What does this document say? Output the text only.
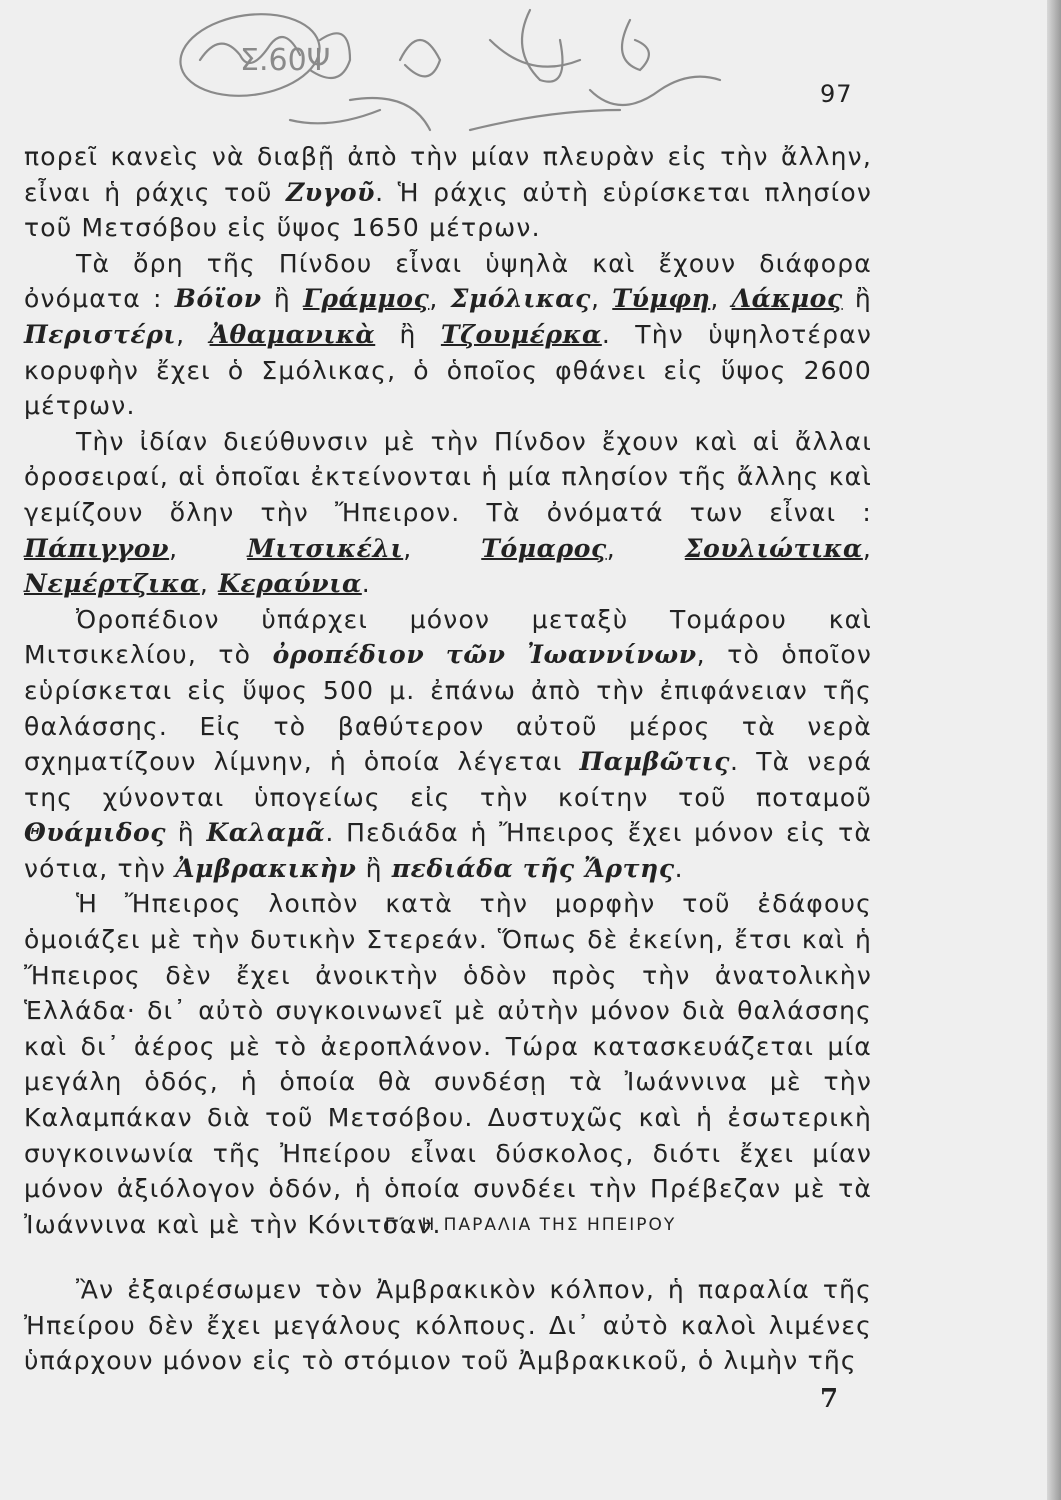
Σ.60Ψ
97

πορεῖ κανεὶς νὰ διαβῇ ἀπὸ τὴν μίαν πλευρὰν εἰς τὴν ἄλλην, εἶναι ἡ ράχις τοῦ Ζυγοῦ. Ἡ ράχις αὐτὴ εὑρίσκεται πλησίον τοῦ Μετσόβου εἰς ὕψος 1650 μέτρων.

Τὰ ὄρη τῆς Πίνδου εἶναι ὑψηλὰ καὶ ἔχουν διάφορα ὀνόματα : Βόϊον ἢ Γράμμος, Σμόλικας, Τύμφη, Λάκμος ἢ Περιστέρι, Ἀθαμανικὰ ἢ Τζουμέρκα. Τὴν ὑψηλοτέραν κορυφὴν ἔχει ὁ Σμόλικας, ὁ ὁποῖος φθάνει εἰς ὕψος 2600 μέτρων.

Τὴν ἰδίαν διεύθυνσιν μὲ τὴν Πίνδον ἔχουν καὶ αἱ ἄλλαι ὀροσειραί, αἱ ὁποῖαι ἐκτείνονται ἡ μία πλησίον τῆς ἄλλης καὶ γεμίζουν ὅλην τὴν Ἤπειρον. Τὰ ὀνόματά των εἶναι : Πάπιγγον, Μιτσικέλι, Τόμαρος, Σουλιώτικα, Νεμέρτζικα, Κεραύνια.

Ὀροπέδιον ὑπάρχει μόνον μεταξὺ Τομάρου καὶ Μιτσικελίου, τὸ ὀροπέδιον τῶν Ἰωαννίνων, τὸ ὁποῖον εὑρίσκεται εἰς ὕψος 500 μ. ἐπάνω ἀπὸ τὴν ἐπιφάνειαν τῆς θαλάσσης. Εἰς τὸ βαθύτερον αὐτοῦ μέρος τὰ νερὰ σχηματίζουν λίμνην, ἡ ὁποία λέγεται Παμβῶτις. Τὰ νερά της χύνονται ὑπογείως εἰς τὴν κοίτην τοῦ ποταμοῦ Θυάμιδος ἢ Καλαμᾶ. Πεδιάδα ἡ Ἤπειρος ἔχει μόνον εἰς τὰ νότια, τὴν Ἀμβρακικὴν ἢ πεδιάδα τῆς Ἄρτης.

Ἡ Ἤπειρος λοιπὸν κατὰ τὴν μορφὴν τοῦ ἐδάφους ὁμοιάζει μὲ τὴν δυτικὴν Στερεάν. Ὅπως δὲ ἐκείνη, ἔτσι καὶ ἡ Ἤπειρος δὲν ἔχει ἀνοικτὴν ὁδὸν πρὸς τὴν ἀνατολικὴν Ἑλλάδα· δι᾽ αὐτὸ συγκοινωνεῖ μὲ αὐτὴν μόνον διὰ θαλάσσης καὶ δι᾽ ἀέρος μὲ τὸ ἀεροπλάνον. Τώρα κατασκευάζεται μία μεγάλη ὁδός, ἡ ὁποία θὰ συνδέσῃ τὰ Ἰωάννινα μὲ τὴν Καλαμπάκαν διὰ τοῦ Μετσόβου. Δυστυχῶς καὶ ἡ ἐσωτερικὴ συγκοινωνία τῆς Ἠπείρου εἶναι δύσκολος, διότι ἔχει μίαν μόνον ἀξιόλογον ὁδόν, ἡ ὁποία συνδέει τὴν Πρέβεζαν μὲ τὰ Ἰωάννινα καὶ μὲ τὴν Κόνιτσαν.

Γ΄. Η ΠΑΡΑΛΙΑ ΤΗΣ ΗΠΕΙΡΟΥ

Ἂν ἐξαιρέσωμεν τὸν Ἀμβρακικὸν κόλπον, ἡ παραλία τῆς Ἠπείρου δὲν ἔχει μεγάλους κόλπους. Δι᾽ αὐτὸ καλοὶ λιμένες ὑπάρχουν μόνον εἰς τὸ στόμιον τοῦ Ἀμβρακικοῦ, ὁ λιμὴν τῆς

7
